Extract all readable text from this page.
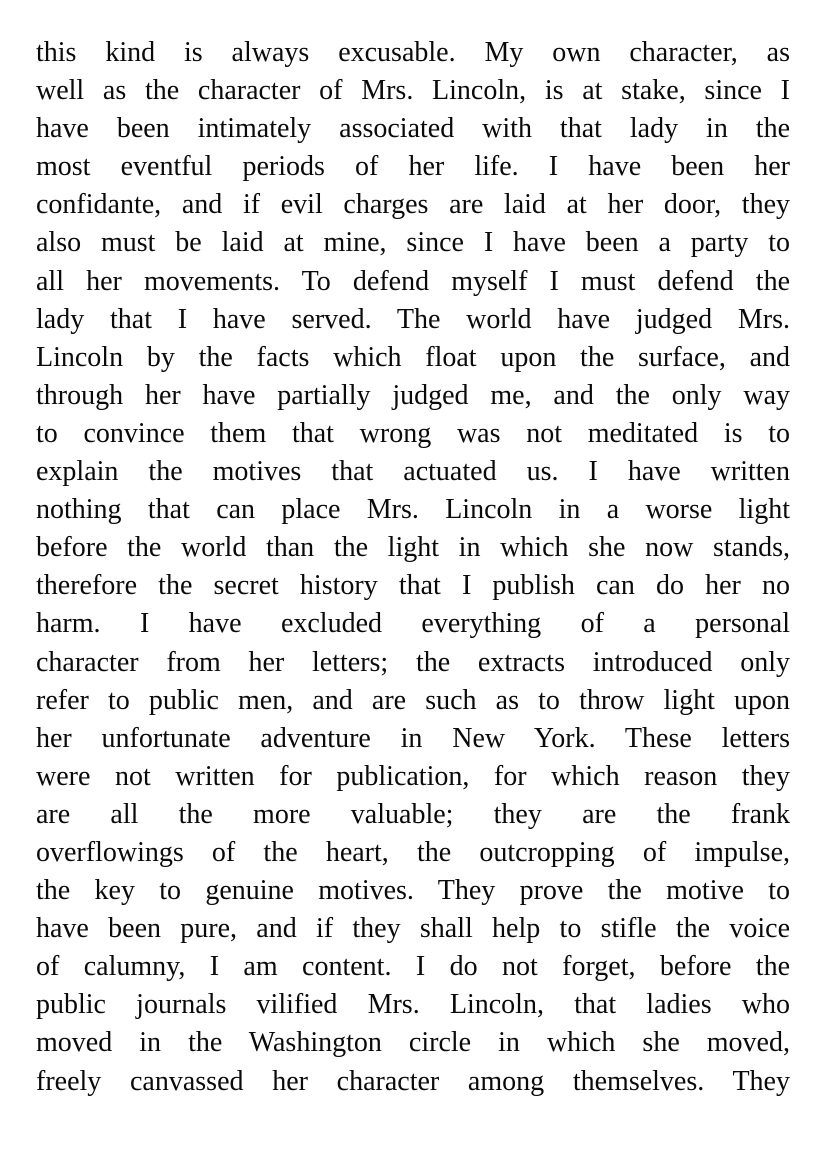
this kind is always excusable. My own character, as
well as the character of Mrs. Lincoln, is at stake, since I
have been intimately associated with that lady in the
most eventful periods of her life. I have been her
confidante, and if evil charges are laid at her door, they
also must be laid at mine, since I have been a party to
all her movements. To defend myself I must defend the
lady that I have served. The world have judged Mrs.
Lincoln by the facts which float upon the surface, and
through her have partially judged me, and the only way
to convince them that wrong was not meditated is to
explain the motives that actuated us. I have written
nothing that can place Mrs. Lincoln in a worse light
before the world than the light in which she now stands,
therefore the secret history that I publish can do her no
harm. I have excluded everything of a personal
character from her letters; the extracts introduced only
refer to public men, and are such as to throw light upon
her unfortunate adventure in New York. These letters
were not written for publication, for which reason they
are all the more valuable; they are the frank
overflowings of the heart, the outcropping of impulse,
the key to genuine motives. They prove the motive to
have been pure, and if they shall help to stifle the voice
of calumny, I am content. I do not forget, before the
public journals vilified Mrs. Lincoln, that ladies who
moved in the Washington circle in which she moved,
freely canvassed her character among themselves. They
